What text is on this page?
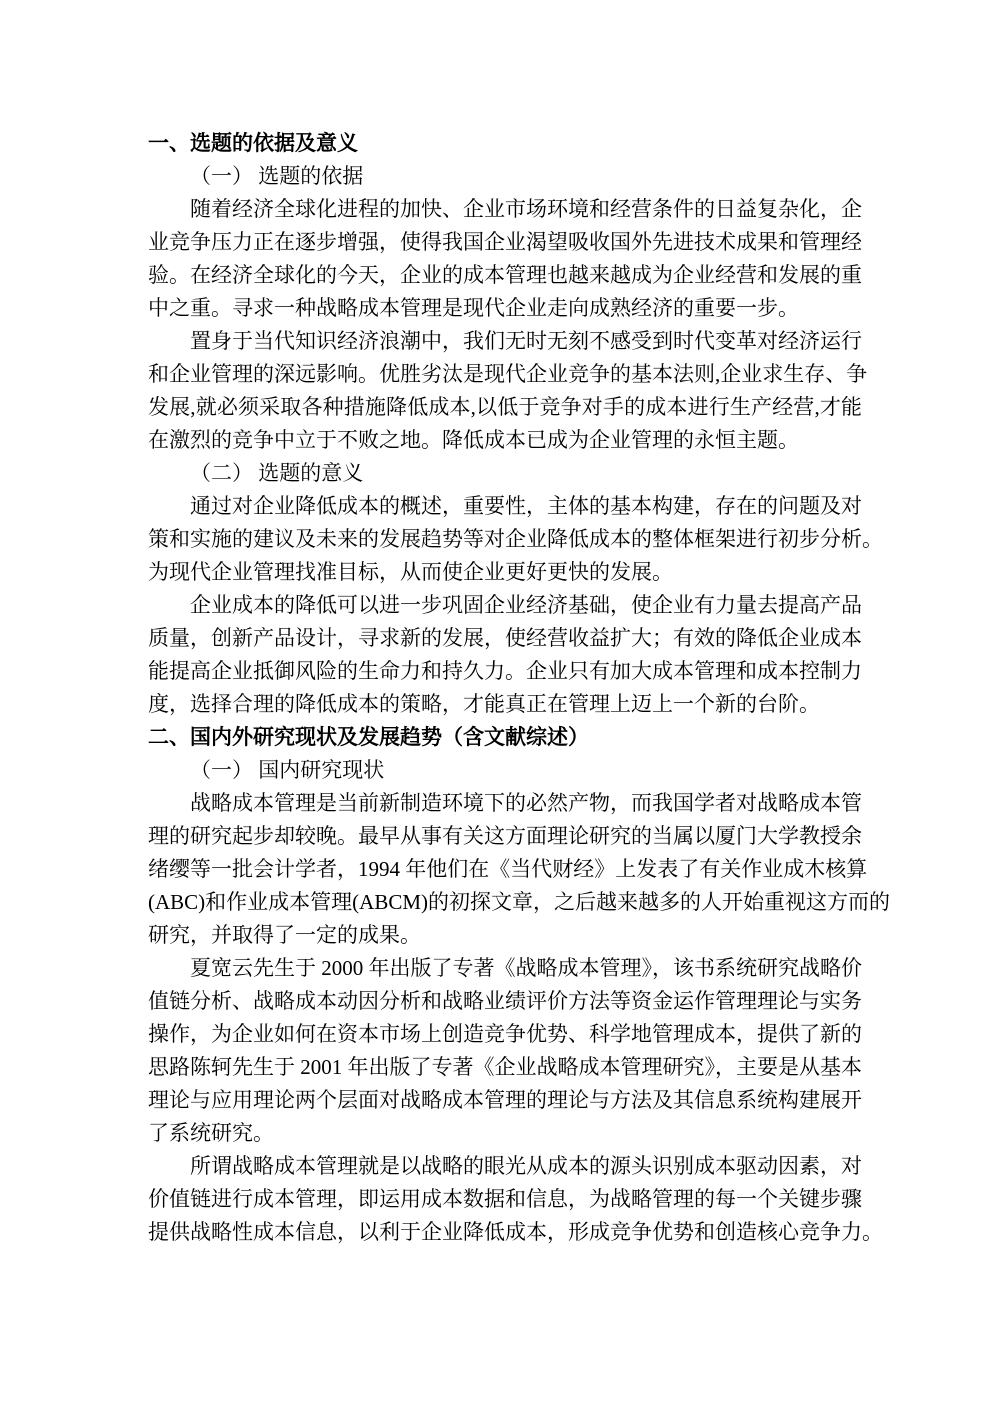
一、选题的依据及意义
（一） 选题的依据
随着经济全球化进程的加快、企业市场环境和经营条件的日益复杂化，企
业竞争压力正在逐步增强，使得我国企业渴望吸收国外先进技术成果和管理经
验。在经济全球化的今天，企业的成本管理也越来越成为企业经营和发展的重
中之重。寻求一种战略成本管理是现代企业走向成熟经济的重要一步。
置身于当代知识经济浪潮中，我们无时无刻不感受到时代变革对经济运行
和企业管理的深远影响。优胜劣汰是现代企业竞争的基本法则,企业求生存、争
发展,就必须采取各种措施降低成本,以低于竞争对手的成本进行生产经营,才能
在激烈的竞争中立于不败之地。降低成本已成为企业管理的永恒主题。
（二） 选题的意义
通过对企业降低成本的概述，重要性，主体的基本构建，存在的问题及对
策和实施的建议及未来的发展趋势等对企业降低成本的整体框架进行初步分析。
为现代企业管理找准目标，从而使企业更好更快的发展。
企业成本的降低可以进一步巩固企业经济基础，使企业有力量去提高产品
质量，创新产品设计，寻求新的发展，使经营收益扩大；有效的降低企业成本
能提高企业抵御风险的生命力和持久力。企业只有加大成本管理和成本控制力
度，选择合理的降低成本的策略，才能真正在管理上迈上一个新的台阶。
二、国内外研究现状及发展趋势（含文献综述）
（一） 国内研究现状
战略成本管理是当前新制造环境下的必然产物，而我国学者对战略成本管
理的研究起步却较晚。最早从事有关这方面理论研究的当属以厦门大学教授余
绪缨等一批会计学者，1994 年他们在《当代财经》上发表了有关作业成木核算
(ABC)和作业成本管理(ABCM)的初探文章，之后越来越多的人开始重视这方而的
研究，并取得了一定的成果。
夏宽云先生于 2000 年出版了专著《战略成本管理》，该书系统研究战略价
值链分析、战略成本动因分析和战略业绩评价方法等资金运作管理理论与实务
操作，为企业如何在资本市场上创造竞争优势、科学地管理成本，提供了新的
思路陈轲先生于 2001 年出版了专著《企业战略成本管理研究》，主要是从基本
理论与应用理论两个层面对战略成本管理的理论与方法及其信息系统构建展开
了系统研究。
所谓战略成本管理就是以战略的眼光从成本的源头识别成本驱动因素，对
价值链进行成本管理，即运用成本数据和信息，为战略管理的每一个关键步骤
提供战略性成本信息，以利于企业降低成本，形成竞争优势和创造核心竞争力。
